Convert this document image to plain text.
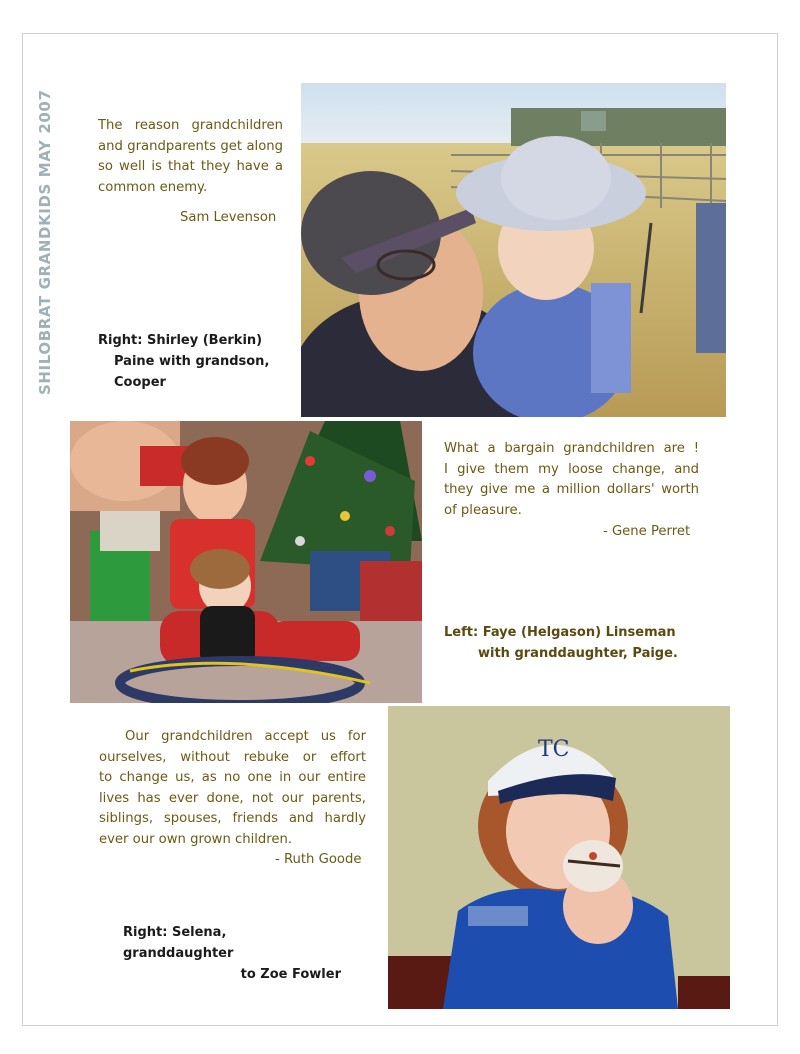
SHILOBRAT GRANDKIDS MAY 2007	The reason grandchildren
and grandparents get along
so well is that they have a
common enemy.
Sam Levenson
Right: Shirley (Berkin)
Paine with grandson,
Cooper
What a bargain grandchildren are !
I give them my loose change, and
they give me a million dollars' worth
of pleasure.
- Gene Perret
Left: Faye (Helgason) Linseman
with granddaughter, Paige.
Our grandchildren accept us for
ourselves, without rebuke or effort
to change us, as no one in our entire
lives has ever done, not our parents,
siblings, spouses, friends and hardly
ever our own grown children.
- Ruth Goode
Right: Selena, granddaughter
to Zoe Fowler
TC
